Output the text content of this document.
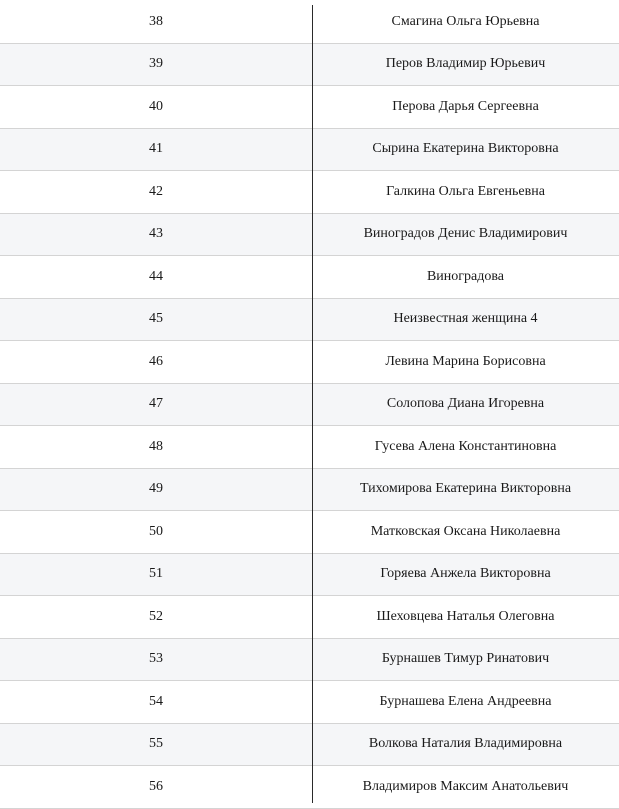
38	Смагина Ольга Юрьевна
39	Перов Владимир Юрьевич
40	Перова Дарья Сергеевна
41	Сырина Екатерина Викторовна
42	Галкина Ольга Евгеньевна
43	Виноградов Денис Владимирович
44	Виноградова
45	Неизвестная женщина 4
46	Левина Марина Борисовна
47	Солопова Диана Игоревна
48	Гусева Алена Константиновна
49	Тихомирова Екатерина Викторовна
50	Матковская Оксана Николаевна
51	Горяева Анжела Викторовна
52	Шеховцева Наталья Олеговна
53	Бурнашев Тимур Ринатович
54	Бурнашева Елена Андреевна
55	Волкова Наталия Владимировна
56	Владимиров Максим Анатольевич
